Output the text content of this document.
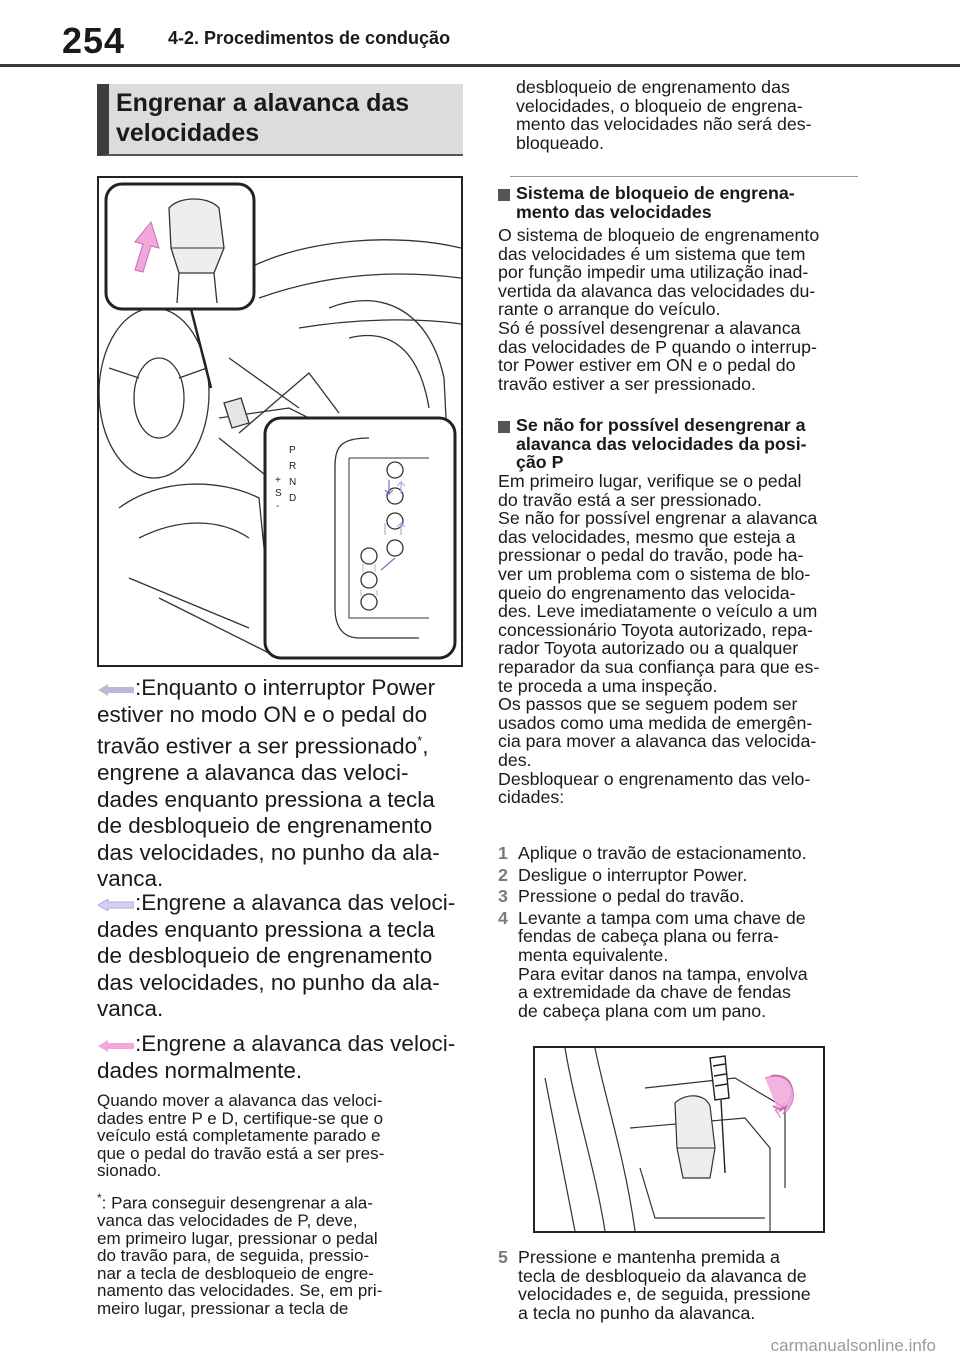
254 4-2. Procedimentos de condução
Engrenar a alavanca das
velocidades
P
R
N
D
+
S
-
:Enquanto o interruptor Power
estiver no modo ON e o pedal do
travão estiver a ser pressionado*,
engrene a alavanca das veloci-
dades enquanto pressiona a tecla
de desbloqueio de engrenamento
das velocidades, no punho da ala-
vanca.
:Engrene a alavanca das veloci-
dades enquanto pressiona a tecla
de desbloqueio de engrenamento
das velocidades, no punho da ala-
vanca.
:Engrene a alavanca das veloci-
dades normalmente.
Quando mover a alavanca das veloci-
dades entre P e D, certifique-se que o
veículo está completamente parado e
que o pedal do travão está a ser pres-
sionado.
*: Para conseguir desengrenar a ala-
vanca das velocidades de P, deve,
em primeiro lugar, pressionar o pedal
do travão para, de seguida, pressio-
nar a tecla de desbloqueio de engre-
namento das velocidades. Se, em pri-
meiro lugar, pressionar a tecla de
desbloqueio de engrenamento das
velocidades, o bloqueio de engrena-
mento das velocidades não será des-
bloqueado.
Sistema de bloqueio de engrena-
mento das velocidades
O sistema de bloqueio de engrenamento
das velocidades é um sistema que tem
por função impedir uma utilização inad-
vertida da alavanca das velocidades du-
rante o arranque do veículo.
Só é possível desengrenar a alavanca
das velocidades de P quando o interrup-
tor Power estiver em ON e o pedal do
travão estiver a ser pressionado.
Se não for possível desengrenar a
alavanca das velocidades da posi-
ção P
Em primeiro lugar, verifique se o pedal
do travão está a ser pressionado.
Se não for possível engrenar a alavanca
das velocidades, mesmo que esteja a
pressionar o pedal do travão, pode ha-
ver um problema com o sistema de blo-
queio do engrenamento das velocida-
des. Leve imediatamente o veículo a um
concessionário Toyota autorizado, repa-
rador Toyota autorizado ou a qualquer
reparador da sua confiança para que es-
te proceda a uma inspeção.
Os passos que se seguem podem ser
usados como uma medida de emergên-
cia para mover a alavanca das velocida-
des.
Desbloquear o engrenamento das velo-
cidades:
1 Aplique o travão de estacionamento.
2 Desligue o interruptor Power.
3 Pressione o pedal do travão.
4 Levante a tampa com uma chave de
fendas de cabeça plana ou ferra-
menta equivalente.
Para evitar danos na tampa, envolva
a extremidade da chave de fendas
de cabeça plana com um pano.
5 Pressione e mantenha premida a
tecla de desbloqueio da alavanca de
velocidades e, de seguida, pressione
a tecla no punho da alavanca.
carmanualsonline.info
